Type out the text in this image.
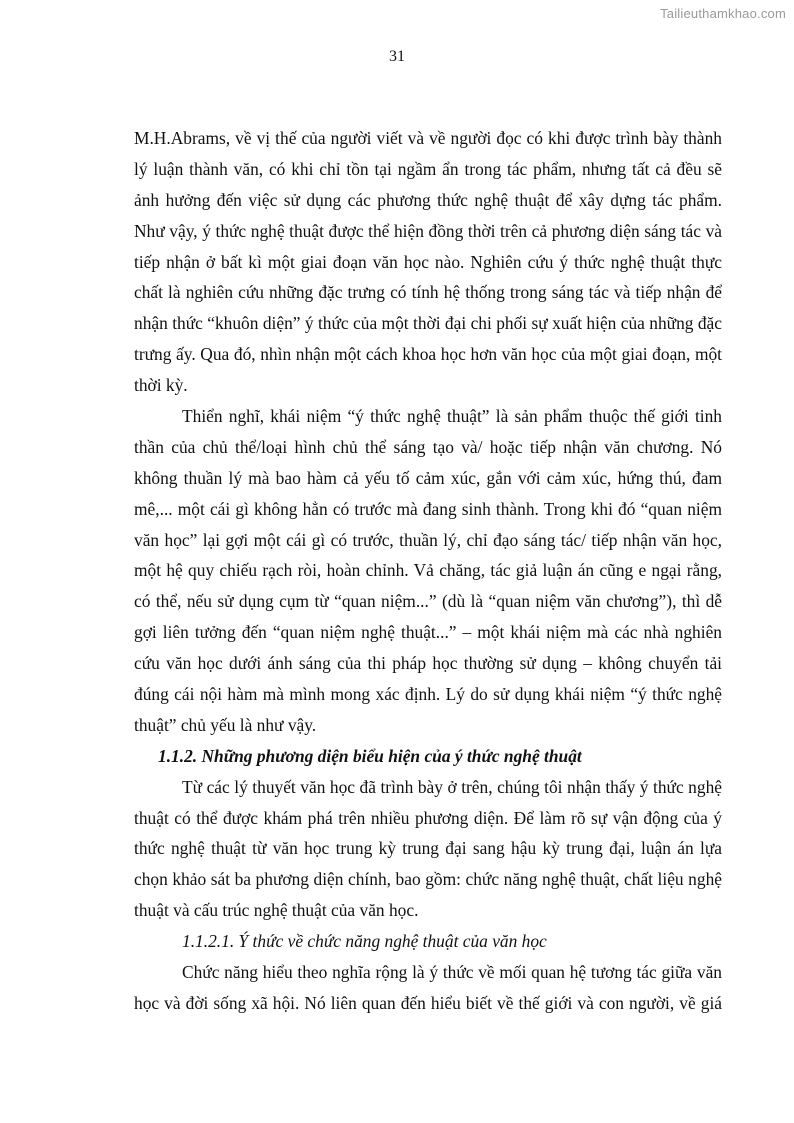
Tailieuthamkhao.com
31
M.H.Abrams, về vị thế của người viết và về người đọc có khi được trình bày thành
lý luận thành văn, có khi chỉ tồn tại ngầm ẩn trong tác phẩm, nhưng tất cả đều sẽ
ảnh hưởng đến việc sử dụng các phương thức nghệ thuật để xây dựng tác phẩm.
Như vậy, ý thức nghệ thuật được thể hiện đồng thời trên cả phương diện sáng tác và
tiếp nhận ở bất kì một giai đoạn văn học nào. Nghiên cứu ý thức nghệ thuật thực
chất là nghiên cứu những đặc trưng có tính hệ thống trong sáng tác và tiếp nhận để
nhận thức “khuôn diện” ý thức của một thời đại chi phối sự xuất hiện của những đặc
trưng ấy. Qua đó, nhìn nhận một cách khoa học hơn văn học của một giai đoạn, một
thời kỳ.
Thiển nghĩ, khái niệm “ý thức nghệ thuật” là sản phẩm thuộc thế giới tinh
thần của chủ thể/loại hình chủ thể sáng tạo và/ hoặc tiếp nhận văn chương. Nó
không thuần lý mà bao hàm cả yếu tố cảm xúc, gắn với cảm xúc, hứng thú, đam
mê,... một cái gì không hẳn có trước mà đang sinh thành. Trong khi đó “quan niệm
văn học” lại gợi một cái gì có trước, thuần lý, chỉ đạo sáng tác/ tiếp nhận văn học,
một hệ quy chiếu rạch ròi, hoàn chỉnh. Vả chăng, tác giả luận án cũng e ngại rằng,
có thể, nếu sử dụng cụm từ “quan niệm...” (dù là “quan niệm văn chương”), thì dễ
gợi liên tưởng đến “quan niệm nghệ thuật...” – một khái niệm mà các nhà nghiên
cứu văn học dưới ánh sáng của thi pháp học thường sử dụng – không chuyển tải
đúng cái nội hàm mà mình mong xác định. Lý do sử dụng khái niệm “ý thức nghệ
thuật” chủ yếu là như vậy.
1.1.2. Những phương diện biểu hiện của ý thức nghệ thuật
Từ các lý thuyết văn học đã trình bày ở trên, chúng tôi nhận thấy ý thức nghệ
thuật có thể được khám phá trên nhiều phương diện. Để làm rõ sự vận động của ý
thức nghệ thuật từ văn học trung kỳ trung đại sang hậu kỳ trung đại, luận án lựa
chọn khảo sát ba phương diện chính, bao gồm: chức năng nghệ thuật, chất liệu nghệ
thuật và cấu trúc nghệ thuật của văn học.
1.1.2.1. Ý thức về chức năng nghệ thuật của văn học
Chức năng hiểu theo nghĩa rộng là ý thức về mối quan hệ tương tác giữa văn
học và đời sống xã hội. Nó liên quan đến hiểu biết về thế giới và con người, về giá
